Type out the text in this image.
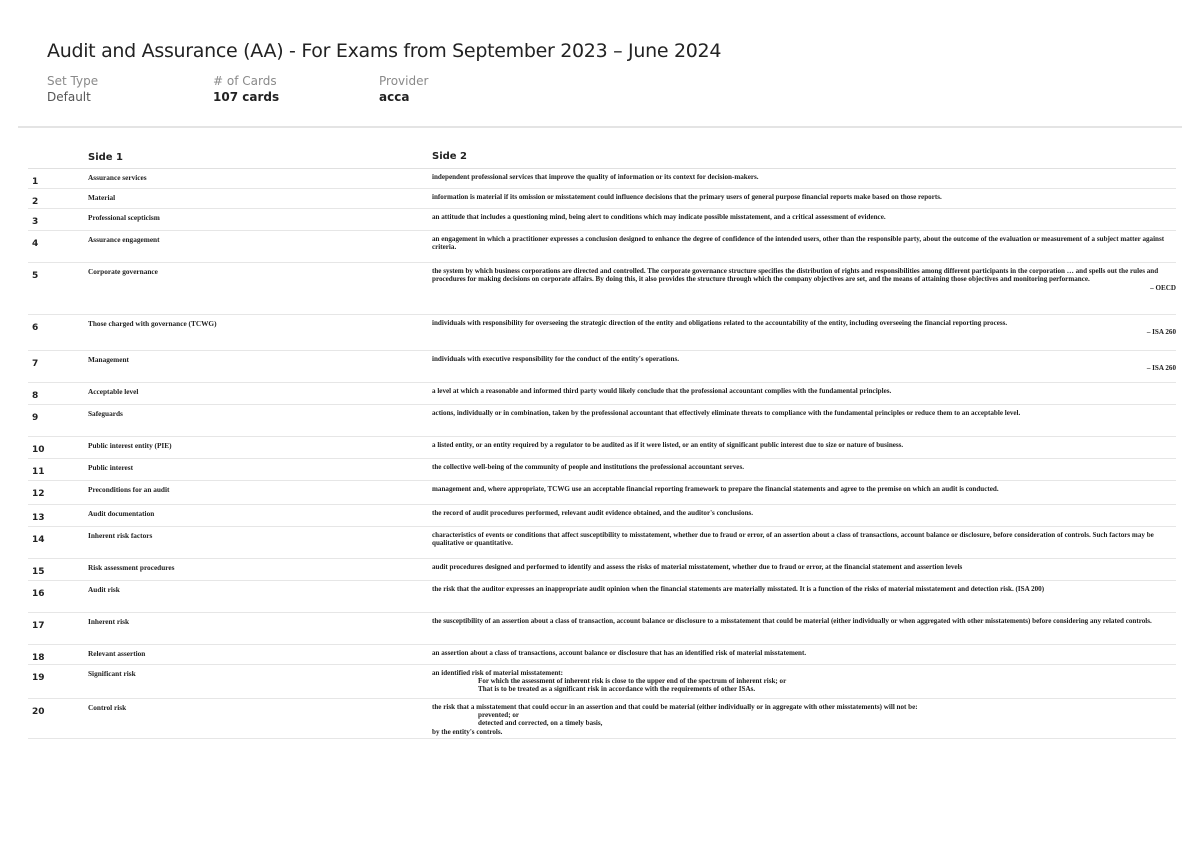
Audit and Assurance (AA) - For Exams from September 2023 – June 2024
Set Type
Default
# of Cards
107 cards
Provider
acca
Side 1	Side 2
1	Assurance services	independent professional services that improve the quality of information or its context for decision-makers.
2	Material	information is material if its omission or misstatement could influence decisions that the primary users of general purpose financial reports make based on those reports.
3	Professional scepticism	an attitude that includes a questioning mind, being alert to conditions which may indicate possible misstatement, and a critical assessment of evidence.
4	Assurance engagement	an engagement in which a practitioner expresses a conclusion designed to enhance the degree of confidence of the intended users, other than the responsible party, about the outcome of the evaluation or measurement of a subject matter against criteria.
5	Corporate governance	the system by which business corporations are directed and controlled. The corporate governance structure specifies the distribution of rights and responsibilities among different participants in the corporation … and spells out the rules and procedures for making decisions on corporate affairs. By doing this, it also provides the structure through which the company objectives are set, and the means of attaining those objectives and monitoring performance.
– OECD
6	Those charged with governance (TCWG)	individuals with responsibility for overseeing the strategic direction of the entity and obligations related to the accountability of the entity, including overseeing the financial reporting process.
– ISA 260
7	Management	individuals with executive responsibility for the conduct of the entity's operations.
– ISA 260
8	Acceptable level	a level at which a reasonable and informed third party would likely conclude that the professional accountant complies with the fundamental principles.
9	Safeguards	actions, individually or in combination, taken by the professional accountant that effectively eliminate threats to compliance with the fundamental principles or reduce them to an acceptable level.
10	Public interest entity (PIE)	a listed entity, or an entity required by a regulator to be audited as if it were listed, or an entity of significant public interest due to size or nature of business.
11	Public interest	the collective well-being of the community of people and institutions the professional accountant serves.
12	Preconditions for an audit	management and, where appropriate, TCWG use an acceptable financial reporting framework to prepare the financial statements and agree to the premise on which an audit is conducted.
13	Audit documentation	the record of audit procedures performed, relevant audit evidence obtained, and the auditor's conclusions.
14	Inherent risk factors	characteristics of events or conditions that affect susceptibility to misstatement, whether due to fraud or error, of an assertion about a class of transactions, account balance or disclosure, before consideration of controls. Such factors may be qualitative or quantitative.
15	Risk assessment procedures	audit procedures designed and performed to identify and assess the risks of material misstatement, whether due to fraud or error, at the financial statement and assertion levels
16	Audit risk	the risk that the auditor expresses an inappropriate audit opinion when the financial statements are materially misstated. It is a function of the risks of material misstatement and detection risk. (ISA 200)
17	Inherent risk	the susceptibility of an assertion about a class of transaction, account balance or disclosure to a misstatement that could be material (either individually or when aggregated with other misstatements) before considering any related controls.
18	Relevant assertion	an assertion about a class of transactions, account balance or disclosure that has an identified risk of material misstatement.
19	Significant risk	an identified risk of material misstatement:
For which the assessment of inherent risk is close to the upper end of the spectrum of inherent risk; or
That is to be treated as a significant risk in accordance with the requirements of other ISAs.
20	Control risk	the risk that a misstatement that could occur in an assertion and that could be material (either individually or in aggregate with other misstatements) will not be:
prevented; or
detected and corrected, on a timely basis,
by the entity's controls.
